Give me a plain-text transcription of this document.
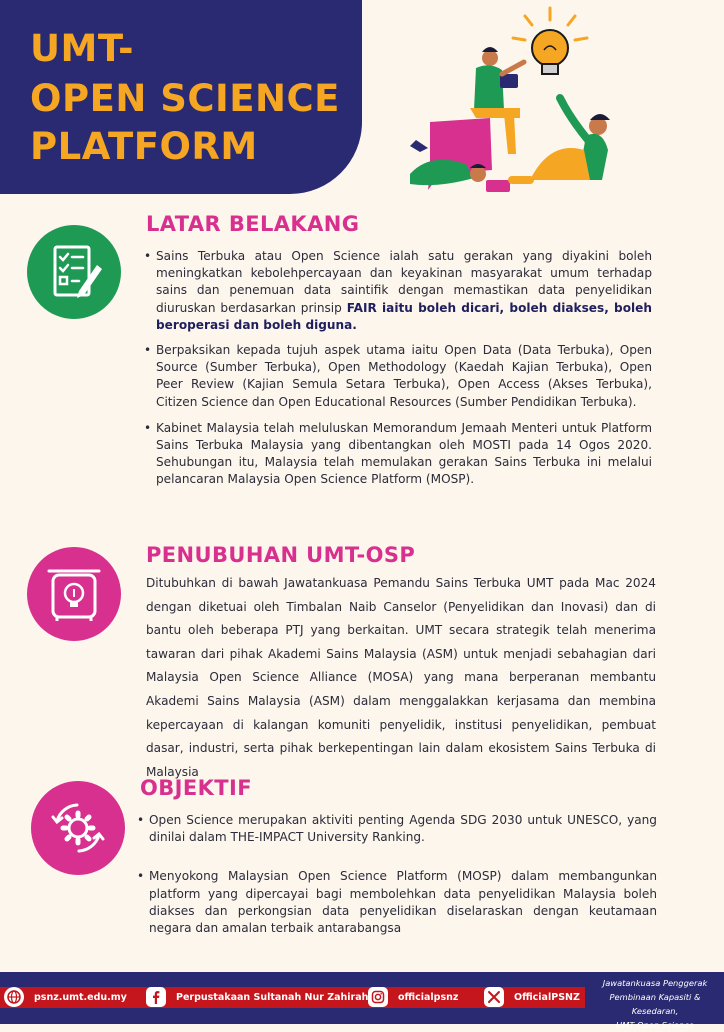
UMT-
OPEN SCIENCE
PLATFORM
LATAR BELAKANG
• Sains Terbuka atau Open Science ialah satu gerakan yang diyakini boleh meningkatkan kebolehpercayaan dan keyakinan masyarakat umum terhadap sains dan penemuan data saintifik dengan memastikan data penyelidikan diuruskan berdasarkan prinsip FAIR iaitu boleh dicari, boleh diakses, boleh beroperasi dan boleh diguna.
• Berpaksikan kepada tujuh aspek utama iaitu Open Data (Data Terbuka), Open Source (Sumber Terbuka), Open Methodology (Kaedah Kajian Terbuka), Open Peer Review (Kajian Semula Setara Terbuka), Open Access (Akses Terbuka), Citizen Science dan Open Educational Resources (Sumber Pendidikan Terbuka).
• Kabinet Malaysia telah meluluskan Memorandum Jemaah Menteri untuk Platform Sains Terbuka Malaysia yang dibentangkan oleh MOSTI pada 14 Ogos 2020. Sehubungan itu, Malaysia telah memulakan gerakan Sains Terbuka ini melalui pelancaran Malaysia Open Science Platform (MOSP).
PENUBUHAN UMT-OSP

Ditubuhkan di bawah Jawatankuasa Pemandu Sains Terbuka UMT pada Mac 2024 dengan diketuai oleh Timbalan Naib Canselor (Penyelidikan dan Inovasi) dan di bantu oleh beberapa PTJ yang berkaitan. UMT secara strategik telah menerima tawaran dari pihak Akademi Sains Malaysia (ASM) untuk menjadi sebahagian dari Malaysia Open Science Alliance (MOSA) yang mana berperanan membantu Akademi Sains Malaysia (ASM) dalam menggalakkan kerjasama dan membina kepercayaan di kalangan komuniti penyelidik, institusi penyelidikan, pembuat dasar, industri, serta pihak berkepentingan lain dalam ekosistem Sains Terbuka di Malaysia

OBJEKTIF
• Open Science merupakan aktiviti penting Agenda SDG 2030 untuk UNESCO, yang dinilai dalam THE-IMPACT University Ranking.
• Menyokong Malaysian Open Science Platform (MOSP) dalam membangunkan platform yang dipercayai bagi membolehkan data penyelidikan Malaysia boleh diakses dan perkongsian data penyelidikan diselaraskan dengan keutamaan negara dan amalan terbaik antarabangsa
psnz.umt.edu.my	Perpustakaan Sultanah Nur Zahirah	officialpsnz	OfficialPSNZ
Jawatankuasa Penggerak
Pembinaan Kapasiti & Kesedaran,
UMT Open Science
